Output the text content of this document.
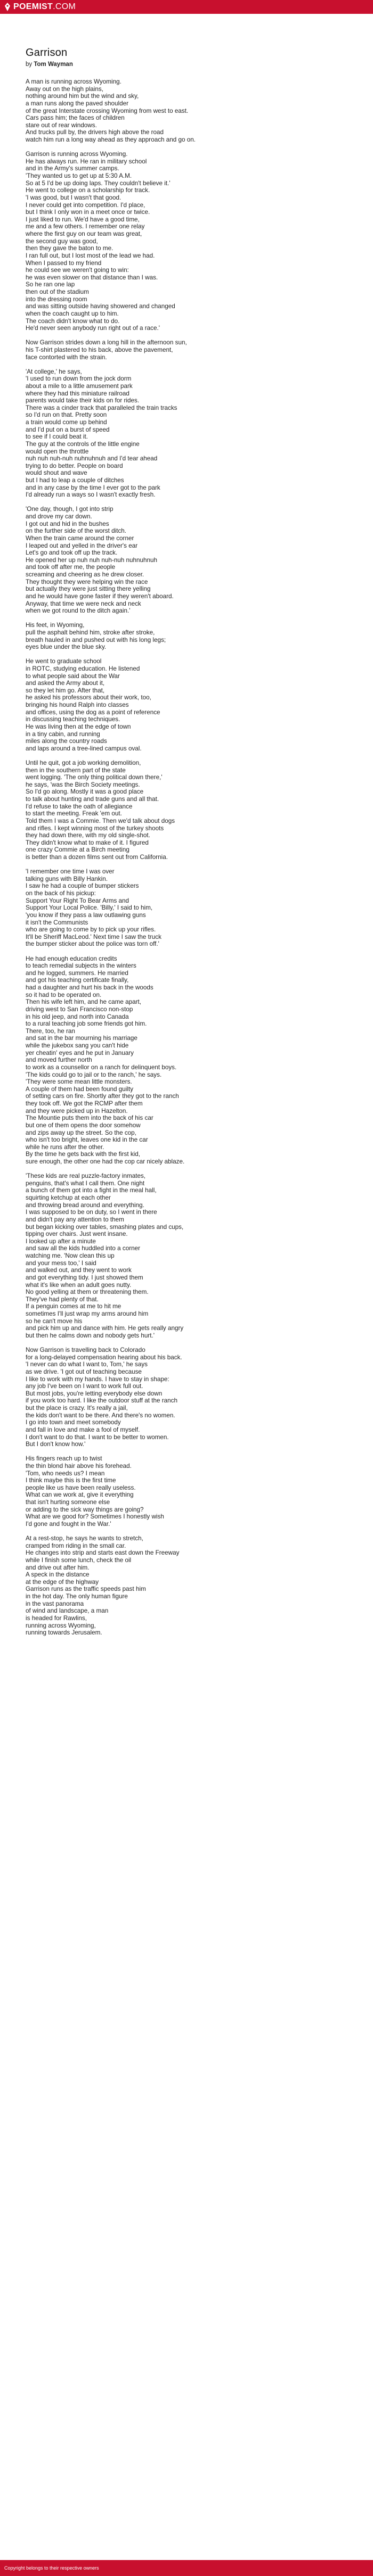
POEMIST .COM
Garrison
by Tom Wayman
A man is running across Wyoming.
Away out on the high plains,
nothing around him but the wind and sky,
a man runs along the paved shoulder
of the great Interstate crossing Wyoming from west to east.
Cars pass him; the faces of children
stare out of rear windows.
And trucks pull by, the drivers high above the road
watch him run a long way ahead as they approach and go on.
Garrison is running across Wyoming.
He has always run. He ran in military school
and in the Army's summer camps.
'They wanted us to get up at 5:30 A.M.
So at 5 I'd be up doing laps. They couldn't believe it.'
He went to college on a scholarship for track.
'I was good, but I wasn't that good.
I never could get into competition. I'd place,
but I think I only won in a meet once or twice.
I just liked to run. We'd have a good time,
me and a few others. I remember one relay
where the first guy on our team was great,
the second guy was good,
then they gave the baton to me.
I ran full out, but I lost most of the lead we had.
When I passed to my friend
he could see we weren't going to win:
he was even slower on that distance than I was.
So he ran one lap
then out of the stadium
into the dressing room
and was sitting outside having showered and changed
when the coach caught up to him.
The coach didn't know what to do.
He'd never seen anybody run right out of a race.'
Now Garrison strides down a long hill in the afternoon sun,
his T-shirt plastered to his back, above the pavement,
face contorted with the strain.
'At college,' he says,
'I used to run down from the jock dorm
about a mile to a little amusement park
where they had this miniature railroad
parents would take their kids on for rides.
There was a cinder track that paralleled the train tracks
so I'd run on that. Pretty soon
a train would come up behind
and I'd put on a burst of speed
to see if I could beat it.
The guy at the controls of the little engine
would open the throttle
nuh nuh nuh-nuh nuhnuhnuh and I'd tear ahead
trying to do better. People on board
would shout and wave
but I had to leap a couple of ditches
and in any case by the time I ever got to the park
I'd already run a ways so I wasn't exactly fresh.
'One day, though, I got into strip
and drove my car down.
I got out and hid in the bushes
on the further side of the worst ditch.
When the train came around the corner
I leaped out and yelled in the driver's ear
Let's go and took off up the track.
He opened her up nuh nuh nuh-nuh nuhnuhnuh
and took off after me, the people
screaming and cheering as he drew closer.
They thought they were helping win the race
but actually they were just sitting there yelling
and he would have gone faster if they weren't aboard.
Anyway, that time we were neck and neck
when we got round to the ditch again.'
His feet, in Wyoming,
pull the asphalt behind him, stroke after stroke,
breath hauled in and pushed out with his long legs;
eyes blue under the blue sky.
He went to graduate school
in ROTC, studying education. He listened
to what people said about the War
and asked the Army about it,
so they let him go. After that,
he asked his professors about their work, too,
bringing his hound Ralph into classes
and offices, using the dog as a point of reference
in discussing teaching techniques.
He was living then at the edge of town
in a tiny cabin, and running
miles along the country roads
and laps around a tree-lined campus oval.
Until he quit, got a job working demolition,
then in the southern part of the state
went logging. 'The only thing political down there,'
he says, 'was the Birch Society meetings.
So I'd go along. Mostly it was a good place
to talk about hunting and trade guns and all that.
I'd refuse to take the oath of allegiance
to start the meeting. Freak 'em out.
Told them I was a Commie. Then we'd talk about dogs
and rifles. I kept winning most of the turkey shoots
they had down there, with my old single-shot.
They didn't know what to make of it. I figured
one crazy Commie at a Birch meeting
is better than a dozen films sent out from California.
'I remember one time I was over
talking guns with Billy Hankin.
I saw he had a couple of bumper stickers
on the back of his pickup:
Support Your Right To Bear Arms and
Support Your Local Police. 'Billy,' I said to him,
'you know if they pass a law outlawing guns
it isn't the Communists
who are going to come by to pick up your rifles.
It'll be Sheriff MacLeod.' Next time I saw the truck
the bumper sticker about the police was torn off.'
He had enough education credits
to teach remedial subjects in the winters
and he logged, summers. He married
and got his teaching certificate finally,
had a daughter and hurt his back in the woods
so it had to be operated on.
Then his wife left him, and he came apart,
driving west to San Francisco non-stop
in his old jeep, and north into Canada
to a rural teaching job some friends got him.
There, too, he ran
and sat in the bar mourning his marriage
while the jukebox sang you can't hide
yer cheatin' eyes and he put in January
and moved further north
to work as a counsellor on a ranch for delinquent boys.
'The kids could go to jail or to the ranch,' he says.
'They were some mean little monsters.
A couple of them had been found guilty
of setting cars on fire. Shortly after they got to the ranch
they took off. We got the RCMP after them
and they were picked up in Hazelton.
The Mountie puts them into the back of his car
but one of them opens the door somehow
and zips away up the street. So the cop,
who isn't too bright, leaves one kid in the car
while he runs after the other.
By the time he gets back with the first kid,
sure enough, the other one had the cop car nicely ablaze.
'These kids are real puzzle-factory inmates,
penguins, that's what I call them. One night
a bunch of them got into a fight in the meal hall,
squirting ketchup at each other
and throwing bread around and everything.
I was supposed to be on duty, so I went in there
and didn't pay any attention to them
but began kicking over tables, smashing plates and cups,
tipping over chairs. Just went insane.
I looked up after a minute
and saw all the kids huddled into a corner
watching me. 'Now clean this up
and your mess too,' I said
and walked out, and they went to work
and got everything tidy. I just showed them
what it's like when an adult goes nutty.
No good yelling at them or threatening them.
They've had plenty of that.
If a penguin comes at me to hit me
sometimes I'll just wrap my arms around him
so he can't move his
and pick him up and dance with him. He gets really angry
but then he calms down and nobody gets hurt.'
Now Garrison is travelling back to Colorado
for a long-delayed compensation hearing about his back.
'I never can do what I want to, Tom,' he says
as we drive. 'I got out of teaching because
I like to work with my hands. I have to stay in shape:
any job I've been on I want to work full out.
But most jobs, you're letting everybody else down
if you work too hard. I like the outdoor stuff at the ranch
but the place is crazy. It's really a jail,
the kids don't want to be there. And there's no women.
I go into town and meet somebody
and fall in love and make a fool of myself.
I don't want to do that. I want to be better to women.
But I don't know how.'
His fingers reach up to twist
the thin blond hair above his forehead.
'Tom, who needs us? I mean
I think maybe this is the first time
people like us have been really useless.
What can we work at, give it everything
that isn't hurting someone else
or adding to the sick way things are going?
What are we good for? Sometimes I honestly wish
I'd gone and fought in the War.'
At a rest-stop, he says he wants to stretch,
cramped from riding in the small car.
He changes into strip and starts east down the Freeway
while I finish some lunch, check the oil
and drive out after him.
A speck in the distance
at the edge of the highway
Garrison runs as the traffic speeds past him
in the hot day. The only human figure
in the vast panorama
of wind and landscape, a man
is headed for Rawlins,
running across Wyoming,
running towards Jerusalem.
Copyright belongs to their respective owners
